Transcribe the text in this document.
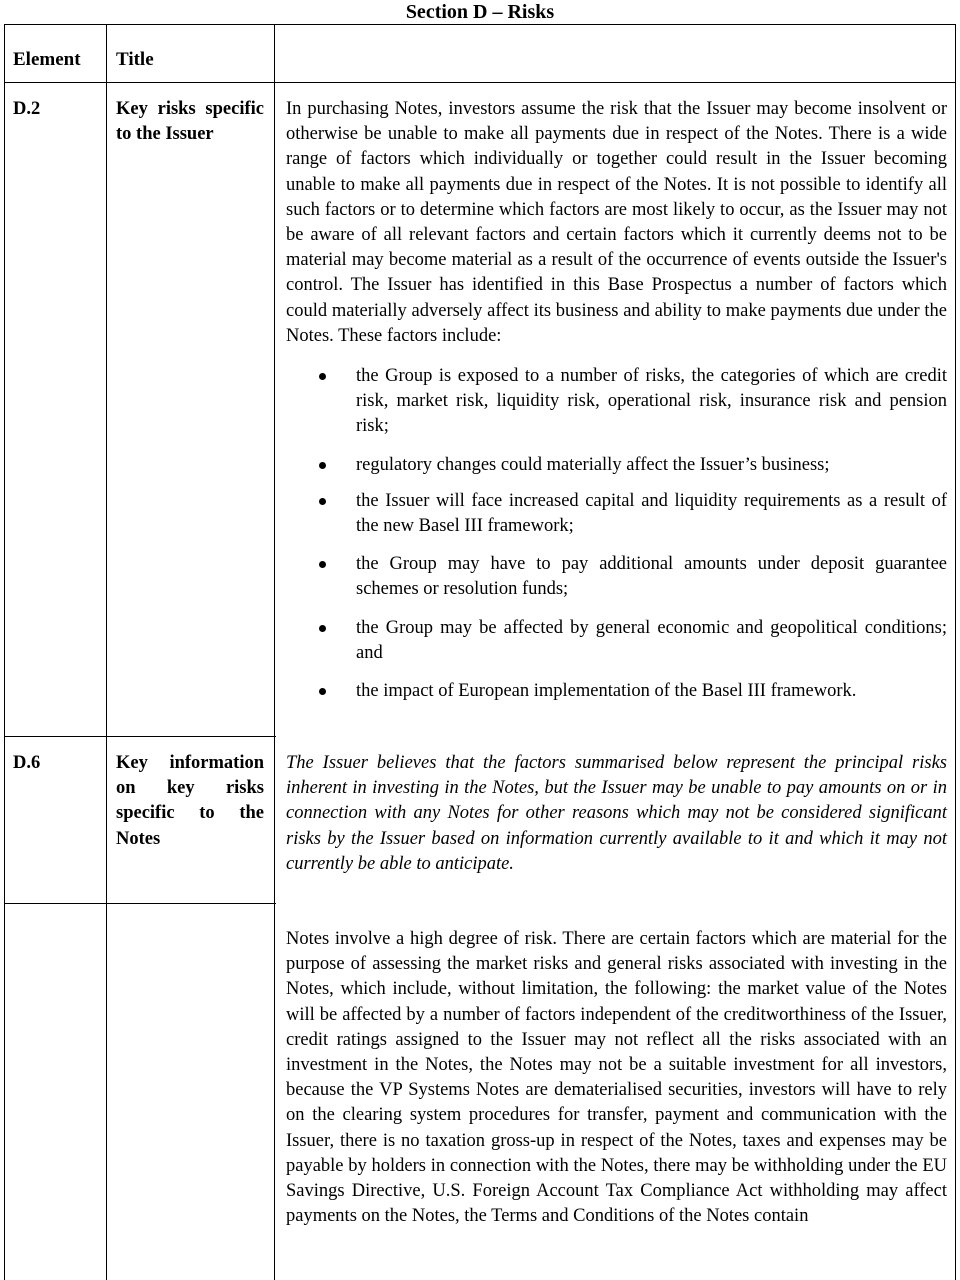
Section D – Risks
Element Title
D.2	Key risks specific to the Issuer

In purchasing Notes, investors assume the risk that the Issuer may become insolvent or otherwise be unable to make all payments due in respect of the Notes. There is a wide range of factors which individually or together could result in the Issuer becoming unable to make all payments due in respect of the Notes. It is not possible to identify all such factors or to determine which factors are most likely to occur, as the Issuer may not be aware of all relevant factors and certain factors which it currently deems not to be material may become material as a result of the occurrence of events outside the Issuer's control. The Issuer has identified in this Base Prospectus a number of factors which could materially adversely affect its business and ability to make payments due under the Notes. These factors include:

the Group is exposed to a number of risks, the categories of which are credit risk, market risk, liquidity risk, operational risk, insurance risk and pension risk;
regulatory changes could materially affect the Issuer’s business;
the Issuer will face increased capital and liquidity requirements as a result of the new Basel III framework;
the Group may have to pay additional amounts under deposit guarantee schemes or resolution funds;
the Group may be affected by general economic and geopolitical conditions; and
the impact of European implementation of the Basel III framework.
D.6	Key information on key risks specific to the Notes

The Issuer believes that the factors summarised below represent the principal risks inherent in investing in the Notes, but the Issuer may be unable to pay amounts on or in connection with any Notes for other reasons which may not be considered significant risks by the Issuer based on information currently available to it and which it may not currently be able to anticipate.

Notes involve a high degree of risk. There are certain factors which are material for the purpose of assessing the market risks and general risks associated with investing in the Notes, which include, without limitation, the following: the market value of the Notes will be affected by a number of factors independent of the creditworthiness of the Issuer, credit ratings assigned to the Issuer may not reflect all the risks associated with an investment in the Notes, the Notes may not be a suitable investment for all investors, because the VP Systems Notes are dematerialised securities, investors will have to rely on the clearing system procedures for transfer, payment and communication with the Issuer, there is no taxation gross-up in respect of the Notes, taxes and expenses may be payable by holders in connection with the Notes, there may be withholding under the EU Savings Directive, U.S. Foreign Account Tax Compliance Act withholding may affect payments on the Notes, the Terms and Conditions of the Notes contain
